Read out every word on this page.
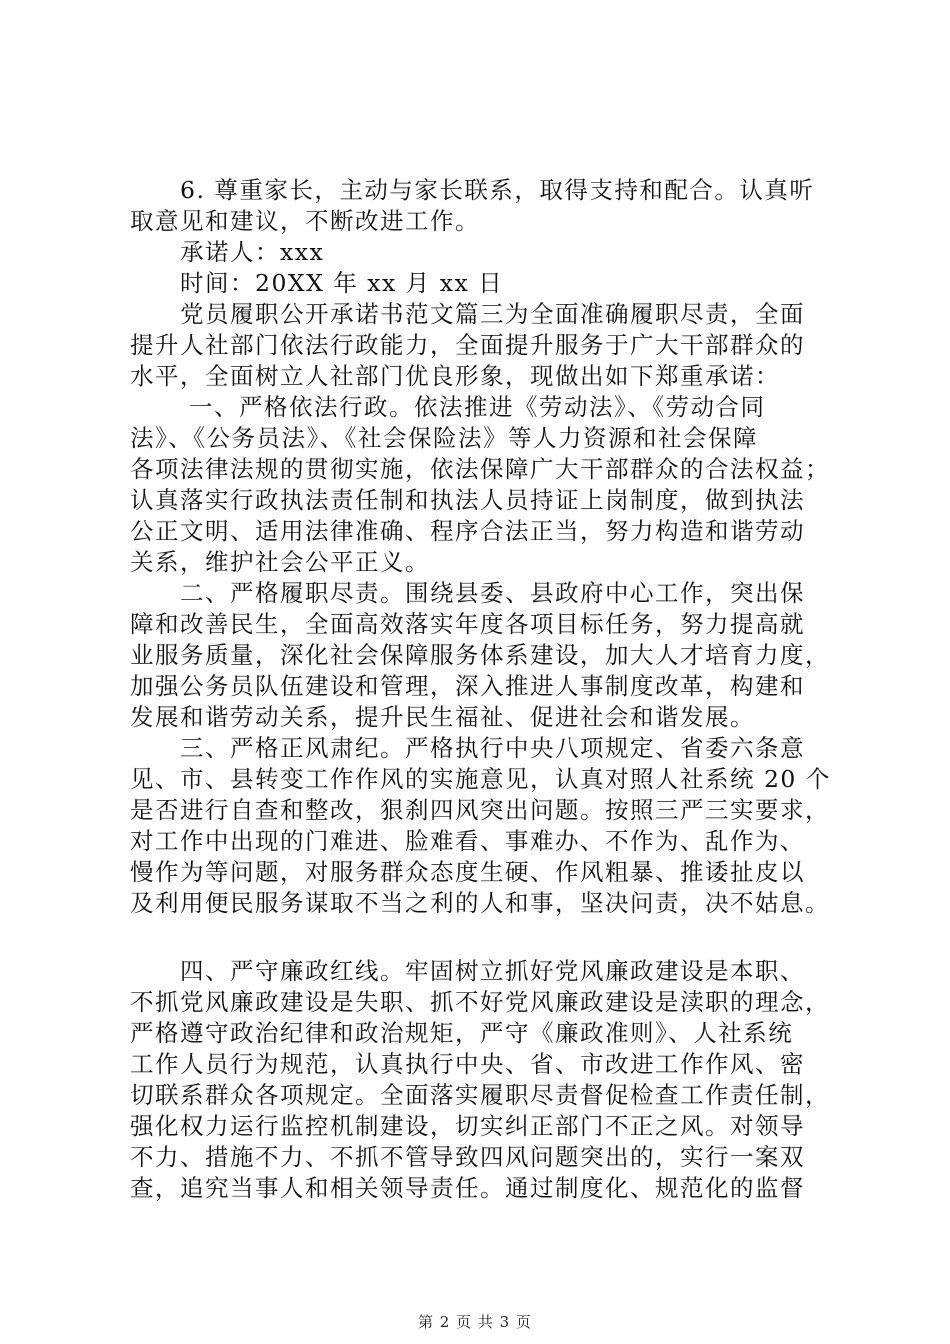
　　6. 尊重家长，主动与家长联系，取得支持和配合。认真听
取意见和建议，不断改进工作。
　　承诺人：xxx
　　时间：20XX 年 xx 月 xx 日
　　党员履职公开承诺书范文篇三为全面准确履职尽责，全面
提升人社部门依法行政能力，全面提升服务于广大干部群众的
水平，全面树立人社部门优良形象，现做出如下郑重承诺：
　　 一、严格依法行政。依法推进《劳动法》、《劳动合同
法》、《公务员法》、《社会保险法》等人力资源和社会保障
各项法律法规的贯彻实施，依法保障广大干部群众的合法权益；
认真落实行政执法责任制和执法人员持证上岗制度，做到执法
公正文明、适用法律准确、程序合法正当，努力构造和谐劳动
关系，维护社会公平正义。
　　二、严格履职尽责。围绕县委、县政府中心工作，突出保
障和改善民生，全面高效落实年度各项目标任务，努力提高就
业服务质量，深化社会保障服务体系建设，加大人才培育力度，
加强公务员队伍建设和管理，深入推进人事制度改革，构建和
发展和谐劳动关系，提升民生福祉、促进社会和谐发展。
　　三、严格正风肃纪。严格执行中央八项规定、省委六条意
见、市、县转变工作作风的实施意见，认真对照人社系统 20 个
是否进行自查和整改，狠刹四风突出问题。按照三严三实要求，
对工作中出现的门难进、脸难看、事难办、不作为、乱作为、
慢作为等问题，对服务群众态度生硬、作风粗暴、推诿扯皮以
及利用便民服务谋取不当之利的人和事，坚决问责，决不姑息。
　　四、严守廉政红线。牢固树立抓好党风廉政建设是本职、
不抓党风廉政建设是失职、抓不好党风廉政建设是渎职的理念，
严格遵守政治纪律和政治规矩，严守《廉政准则》、人社系统
工作人员行为规范，认真执行中央、省、市改进工作作风、密
切联系群众各项规定。全面落实履职尽责督促检查工作责任制，
强化权力运行监控机制建设，切实纠正部门不正之风。对领导
不力、措施不力、不抓不管导致四风问题突出的，实行一案双
查，追究当事人和相关领导责任。通过制度化、规范化的监督
第 2 页 共 3 页
